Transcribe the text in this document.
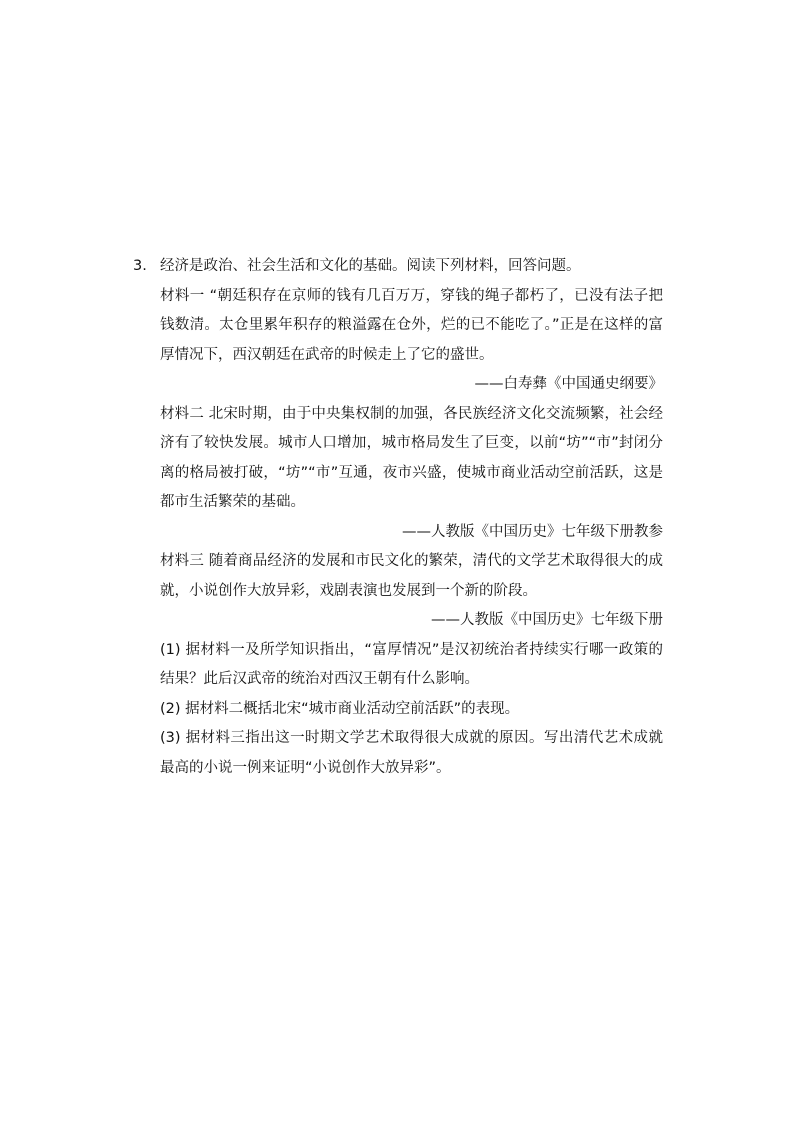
3. 经济是政治、社会生活和文化的基础。阅读下列材料，回答问题。

材料一 “朝廷积存在京师的钱有几百万万，穿钱的绳子都朽了，已没有法子把钱数清。太仓里累年积存的粮溢露在仓外，烂的已不能吃了。”正是在这样的富厚情况下，西汉朝廷在武帝的时候走上了它的盛世。

——白寿彝《中国通史纲要》

材料二 北宋时期，由于中央集权制的加强，各民族经济文化交流频繁，社会经济有了较快发展。城市人口增加，城市格局发生了巨变，以前“坊”“市”封闭分离的格局被打破，“坊”“市”互通，夜市兴盛，使城市商业活动空前活跃，这是都市生活繁荣的基础。

——人教版《中国历史》七年级下册教参

材料三 随着商品经济的发展和市民文化的繁荣，清代的文学艺术取得很大的成就，小说创作大放异彩，戏剧表演也发展到一个新的阶段。

——人教版《中国历史》七年级下册

(1) 据材料一及所学知识指出，“富厚情况”是汉初统治者持续实行哪一政策的结果？此后汉武帝的统治对西汉王朝有什么影响。

(2) 据材料二概括北宋“城市商业活动空前活跃”的表现。

(3) 据材料三指出这一时期文学艺术取得很大成就的原因。写出清代艺术成就最高的小说一例来证明“小说创作大放异彩”。
